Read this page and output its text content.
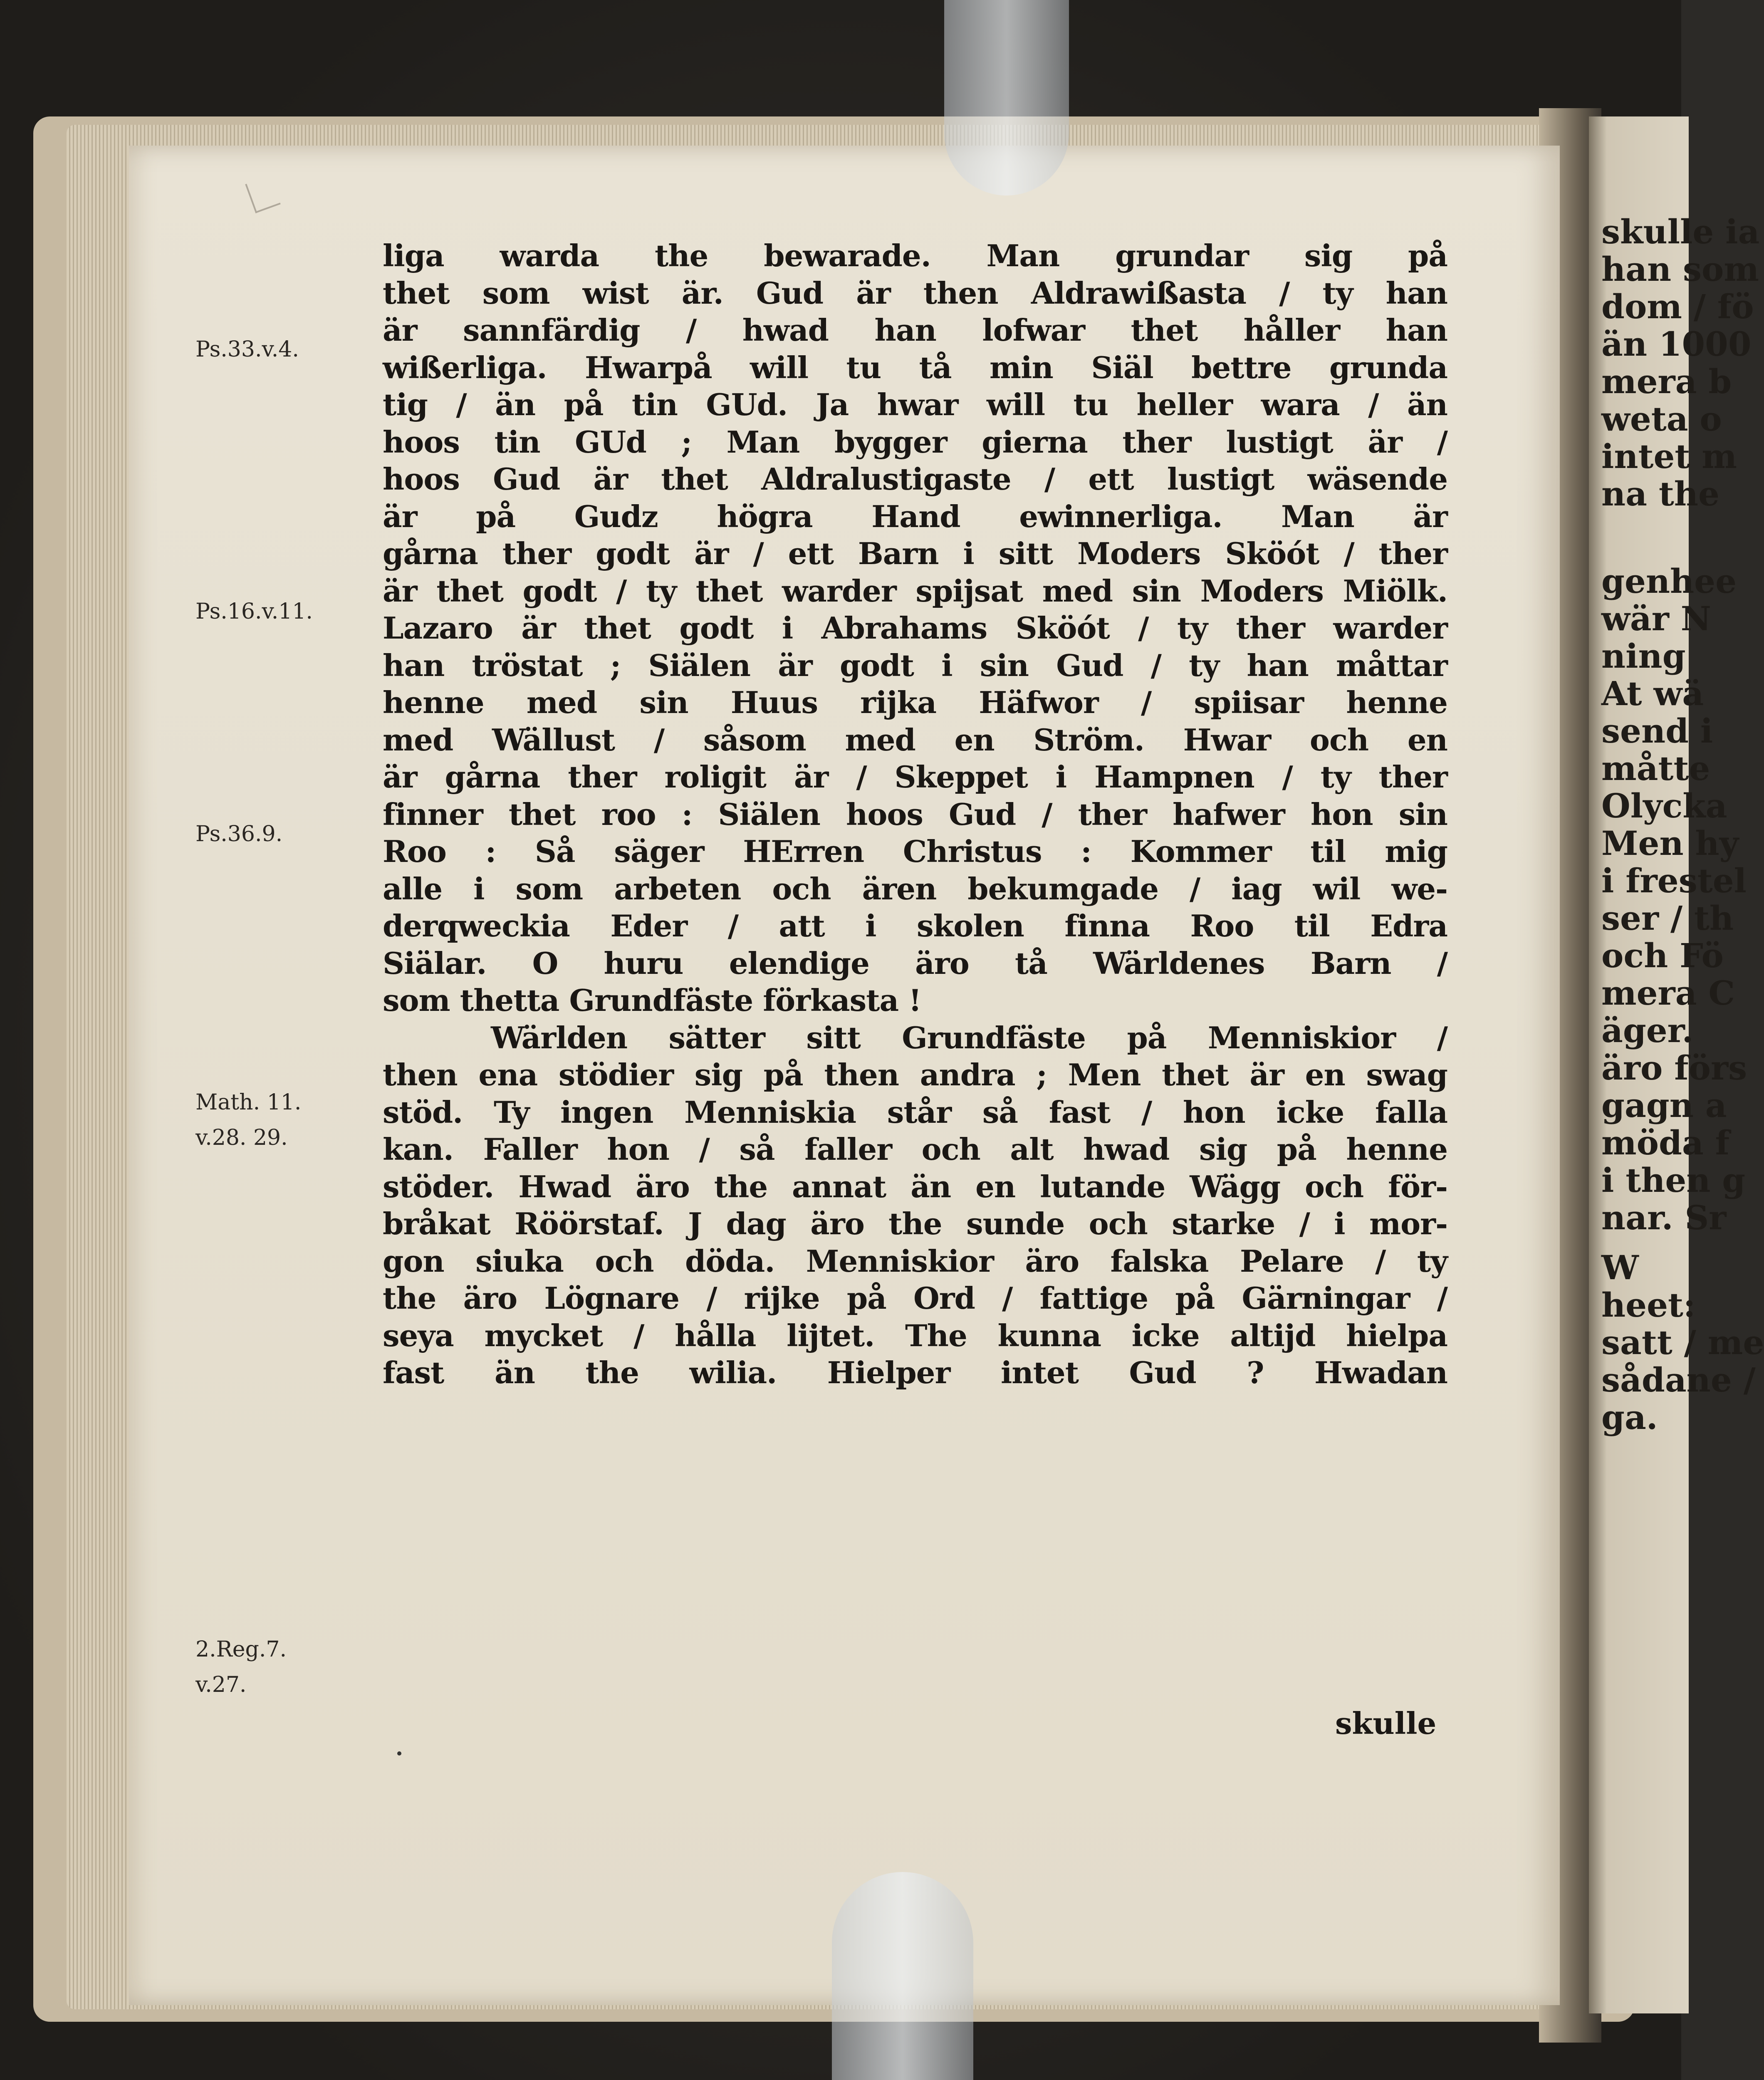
skulle ia
han som
dom / fö
än 1000
mera b
weta o
intet m
na the
genhee
wär N
ning
At wä
send i
måtte
Olycka
Men hy
i frestel
ser / th
och Fö
mera C
äger.
äro förs
gagn a
möda f
i then g
nar. Sr
W
heet:
satt / me
sådane /
ga.
Ps.33.v.4.
Ps.16.v.11.
Ps.36.9.
Math. 11.
v.28. 29.
2.Reg.7.
v.27.
liga warda the bewarade. Man grundar sig på
thet som wist är. Gud är then Aldrawißasta / ty han
är sannfärdig / hwad han lofwar thet håller han
wißerliga. Hwarpå will tu tå min Siäl bettre grunda
tig / än på tin GUd. Ja hwar will tu heller wara / än
hoos tin GUd ; Man bygger gierna ther lustigt är /
hoos Gud är thet Aldralustigaste / ett lustigt wäsende
är på Gudz högra Hand ewinnerliga. Man är
gårna ther godt är / ett Barn i sitt Moders Sköót / ther
är thet godt / ty thet warder spijsat med sin Moders Miölk.
Lazaro är thet godt i Abrahams Sköót / ty ther warder
han tröstat ; Siälen är godt i sin Gud / ty han måttar
henne med sin Huus rijka Häfwor / spiisar henne
med Wällust / såsom med en Ström. Hwar och en
är gårna ther roligit är / Skeppet i Hampnen / ty ther
finner thet roo : Siälen hoos Gud / ther hafwer hon sin
Roo : Så säger HErren Christus : Kommer til mig
alle i som arbeten och ären bekumgade / iag wil we-
derqweckia Eder / att i skolen finna Roo til Edra
Siälar. O huru elendige äro tå Wärldenes Barn /
som thetta Grundfäste förkasta !
Wärlden sätter sitt Grundfäste på Menniskior /
then ena stödier sig på then andra ; Men thet är en swag
stöd. Ty ingen Menniskia står så fast / hon icke falla
kan. Faller hon / så faller och alt hwad sig på henne
stöder. Hwad äro the annat än en lutande Wägg och för-
bråkat Röörstaf. J dag äro the sunde och starke / i mor-
gon siuka och döda. Menniskior äro falska Pelare / ty
the äro Lögnare / rijke på Ord / fattige på Gärningar /
seya mycket / hålla lijtet. The kunna icke altijd hielpa
fast än the wilia. Hielper intet Gud ? Hwadan
skulle
